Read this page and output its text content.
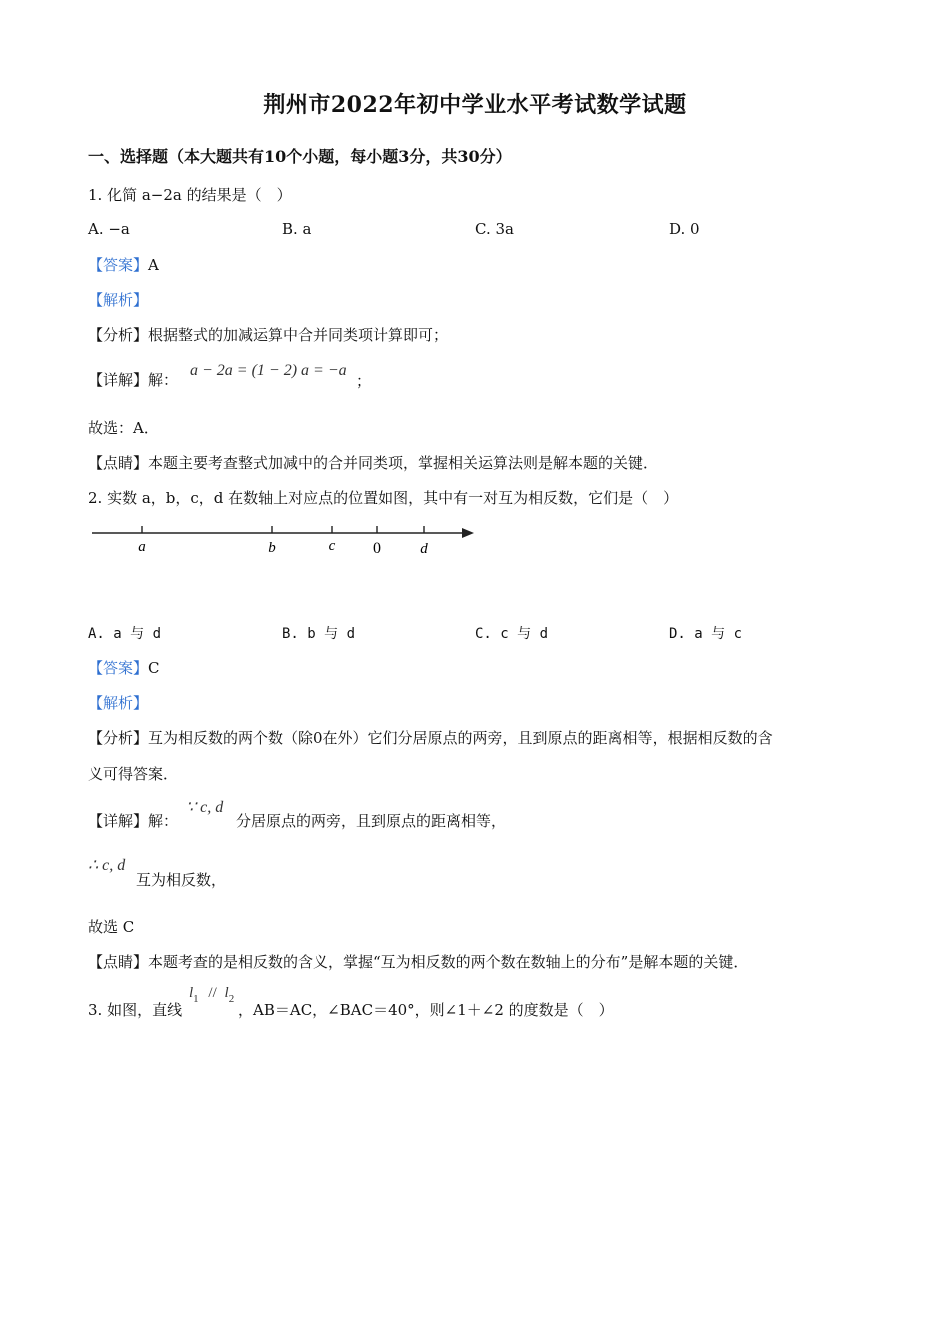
荆州市2022年初中学业水平考试数学试题
一、选择题（本大题共有10个小题，每小题3分，共30分）
1. 化简 a−2a 的结果是（　）
A. −a	B. a	C. 3a	D. 0
【答案】A
【解析】
【分析】根据整式的加减运算中合并同类项计算即可；
【详解】解：
a − 2a = (1 − 2) a = −a
；
故选：A．
【点睛】本题主要考查整式加减中的合并同类项，掌握相关运算法则是解本题的关键．
2. 实数 a，b，c，d 在数轴上对应点的位置如图，其中有一对互为相反数，它们是（　）
a	b	c 0	d
A. a 与 d	B. b 与 d	C. c 与 d	D. a 与 c
【答案】C
【解析】
【分析】互为相反数的两个数（除0在外）它们分居原点的两旁，且到原点的距离相等，根据相反数的含
义可得答案．
【详解】解：
∵ c, d
分居原点的两旁，且到原点的距离相等，
∴ c, d
互为相反数，
故选 C
【点睛】本题考查的是相反数的含义，掌握“互为相反数的两个数在数轴上的分布”是解本题的关键．
3. 如图，直线
$l_1 // l_2$
，AB＝AC，∠BAC＝40°，则∠1＋∠2 的度数是（　）
